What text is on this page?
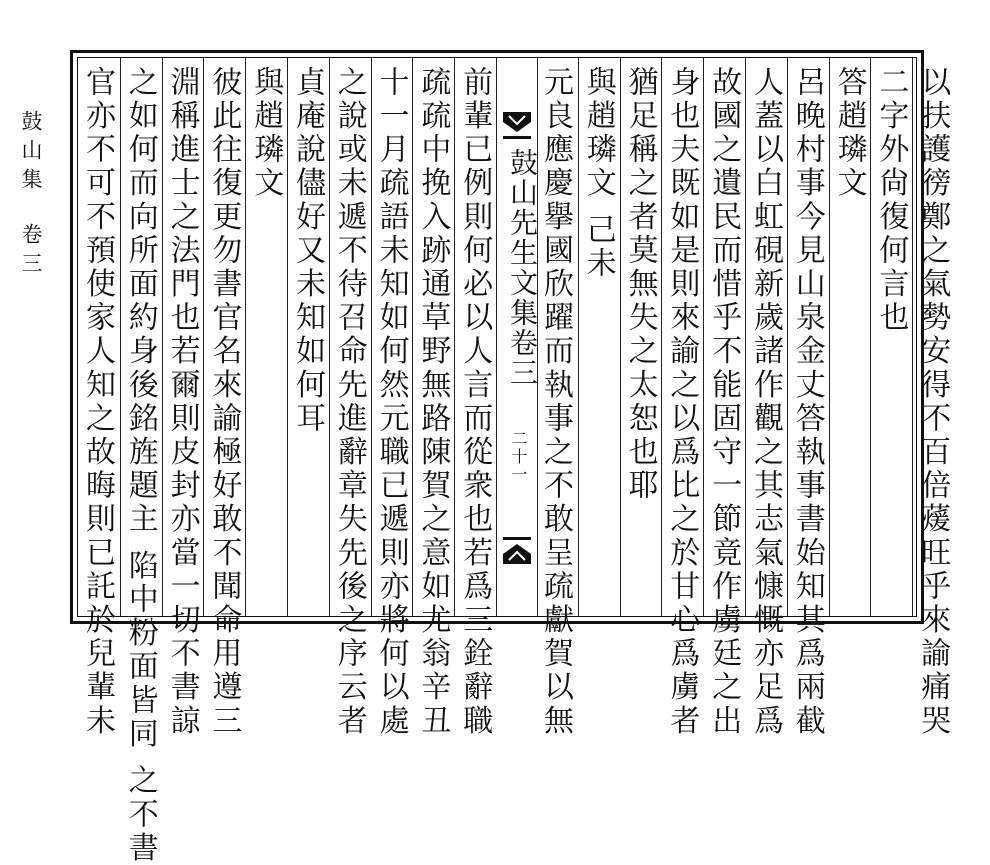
鼓山集
卷三	前輩已例則何必以人言而從衆也若爲三銓辭職
疏疏中挽入跡通草野無路陳賀之意如尤翁辛丑
十一月疏語未知如何然元職已遞則亦將何以處
之說或未遞不待召命先進辭章失先後之序云者
貞庵說儘好又未知如何耳
與趙璘文
彼此往復更勿書官名來諭極好敢不聞命用遵三
淵稱進士之法門也若爾則皮封亦當一切不書諒
之如何而向所面約身後銘旌題主 陷中粉面皆同 之不書
官亦不可不預使家人知之故晦則已託於兒輩未	鼓山先生文集卷三
二十一	以扶護徬鄭之氣勢安得不百倍蕿旺乎來諭痛哭
二字外尙復何言也
答趙璘文
呂晚村事今見山泉金丈答執事書始知其爲兩截
人蓋以白虹硯新歲諸作觀之其志氣慷慨亦足爲
故國之遺民而惜乎不能固守一節竟作虜廷之出
身也夫既如是則來諭之以爲比之於甘心爲虜者
猶足稱之者莫無失之太恕也耶
與趙璘文 己未
元良應慶擧國欣躍而執事之不敢呈疏獻賀以無
